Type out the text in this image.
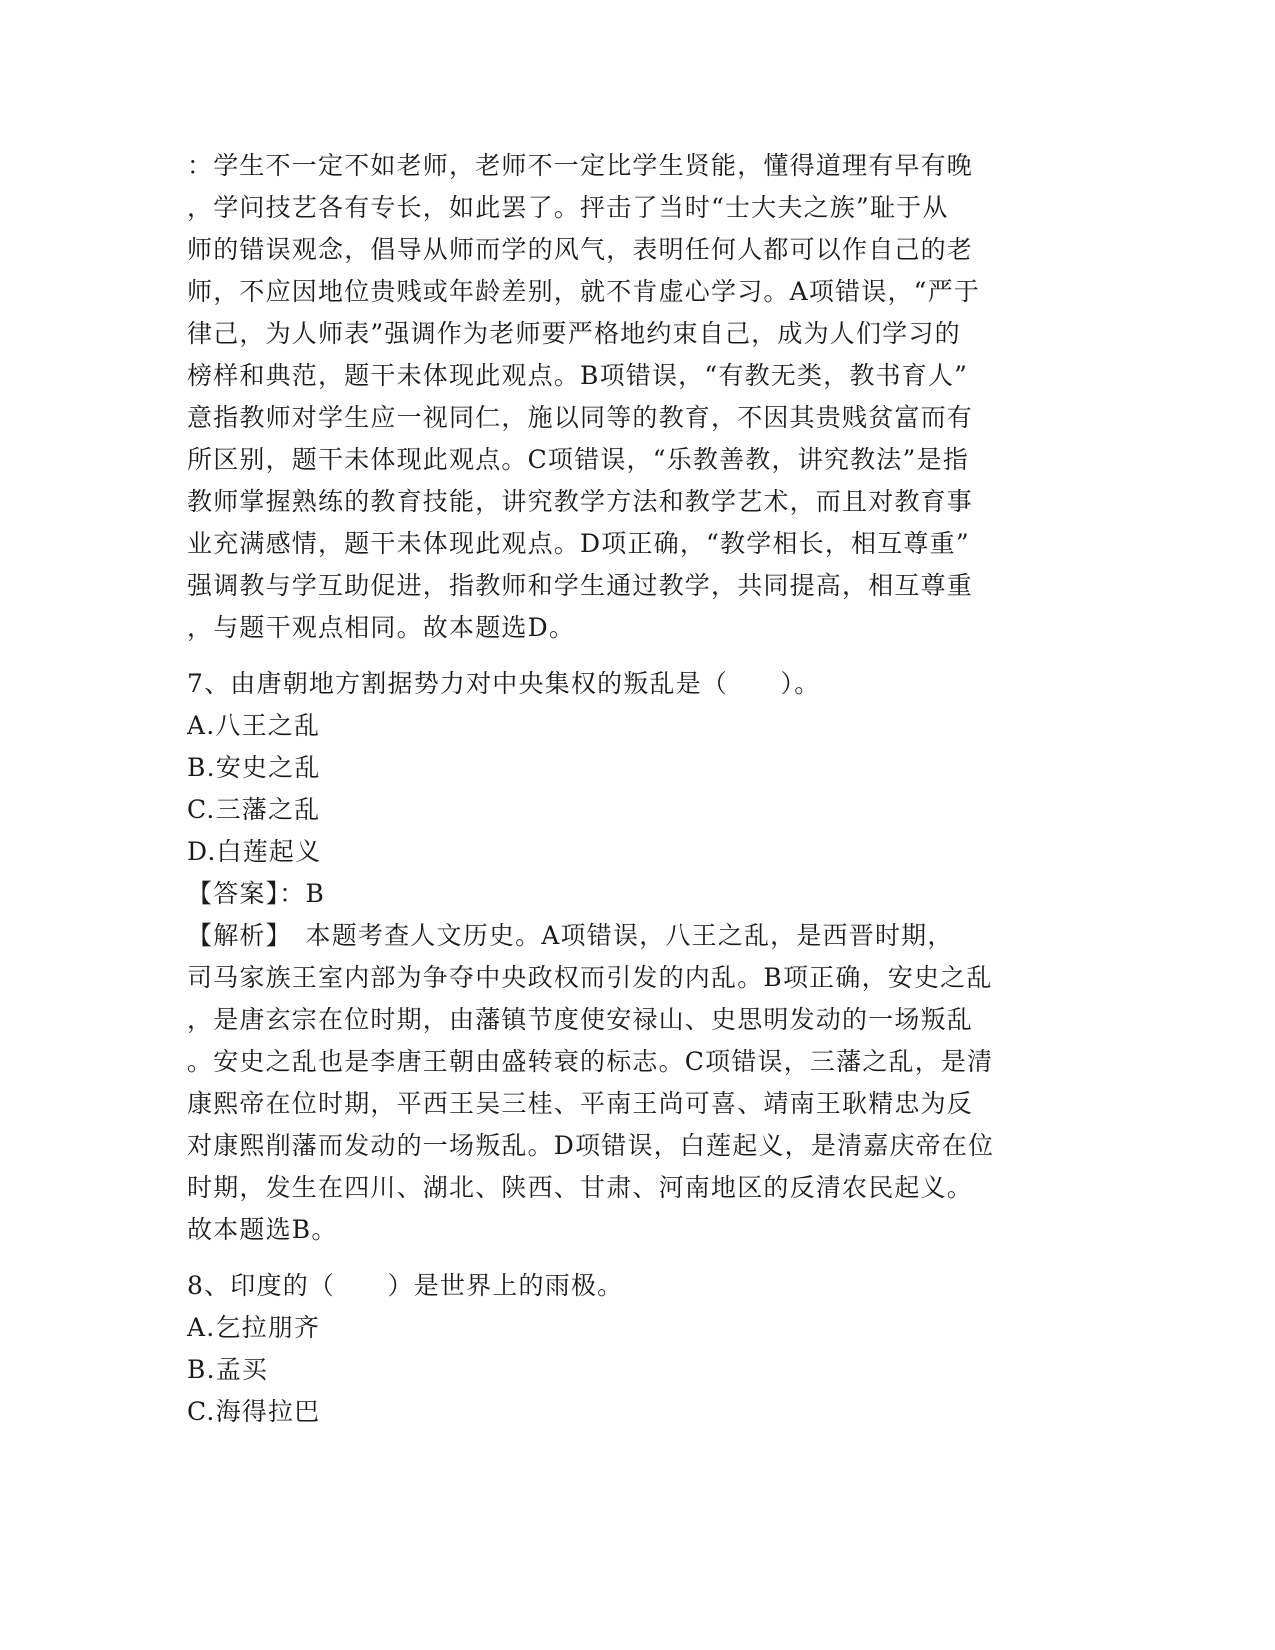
：学生不一定不如老师，老师不一定比学生贤能，懂得道理有早有晚
，学问技艺各有专长，如此罢了。抨击了当时“士大夫之族”耻于从
师的错误观念，倡导从师而学的风气，表明任何人都可以作自己的老
师，不应因地位贵贱或年龄差别，就不肯虚心学习。A项错误，“严于
律己，为人师表”强调作为老师要严格地约束自己，成为人们学习的
榜样和典范，题干未体现此观点。B项错误，“有教无类，教书育人”
意指教师对学生应一视同仁，施以同等的教育，不因其贵贱贫富而有
所区别，题干未体现此观点。C项错误，“乐教善教，讲究教法”是指
教师掌握熟练的教育技能，讲究教学方法和教学艺术，而且对教育事
业充满感情，题干未体现此观点。D项正确，“教学相长，相互尊重”
强调教与学互助促进，指教师和学生通过教学，共同提高，相互尊重
，与题干观点相同。故本题选D。
7、由唐朝地方割据势力对中央集权的叛乱是（　　）。
A.八王之乱
B.安史之乱
C.三藩之乱
D.白莲起义
【答案】：B
【解析】　本题考查人文历史。A项错误，八王之乱，是西晋时期，
司马家族王室内部为争夺中央政权而引发的内乱。B项正确，安史之乱
，是唐玄宗在位时期，由藩镇节度使安禄山、史思明发动的一场叛乱
。安史之乱也是李唐王朝由盛转衰的标志。C项错误，三藩之乱，是清
康熙帝在位时期，平西王吴三桂、平南王尚可喜、靖南王耿精忠为反
对康熙削藩而发动的一场叛乱。D项错误，白莲起义，是清嘉庆帝在位
时期，发生在四川、湖北、陕西、甘肃、河南地区的反清农民起义。
故本题选B。
8、印度的（　　）是世界上的雨极。
A.乞拉朋齐
B.孟买
C.海得拉巴
